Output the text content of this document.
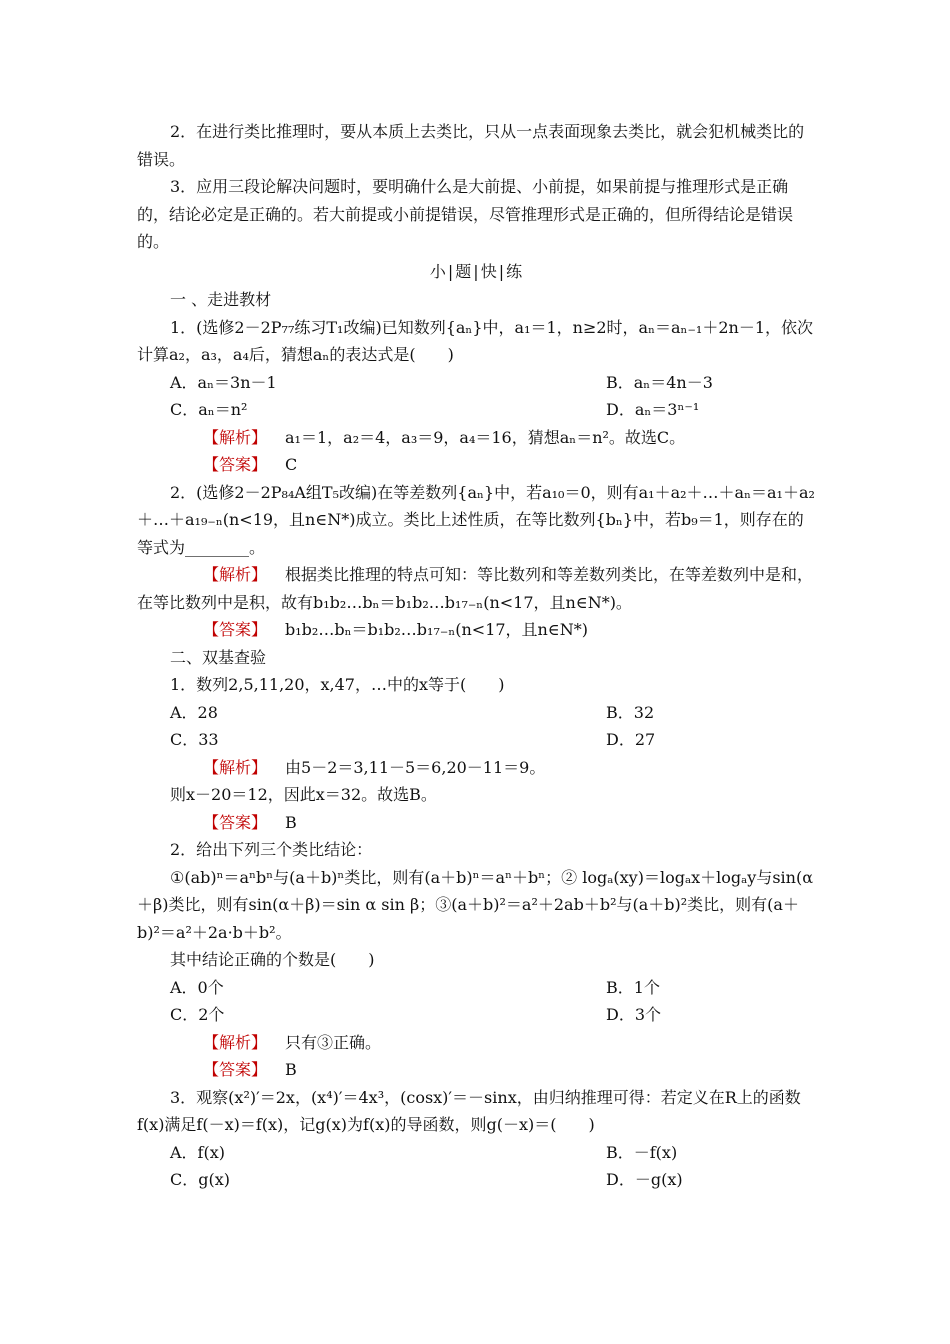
2．在进行类比推理时，要从本质上去类比，只从一点表面现象去类比，就会犯机械类比的错误。

3．应用三段论解决问题时，要明确什么是大前提、小前提，如果前提与推理形式是正确的，结论必定是正确的。若大前提或小前提错误，尽管推理形式是正确的，但所得结论是错误的。

小|题|快|练

一 、走进教材

1．(选修2－2P₇₇练习T₁改编)已知数列{aₙ}中，a₁＝1，n≥2时，aₙ＝aₙ₋₁＋2n－1，依次计算a₂，a₃，a₄后，猜想aₙ的表达式是(　　)

A．aₙ＝3n－1	B．aₙ＝4n－3
C．aₙ＝n²	D．aₙ＝3ⁿ⁻¹

【解析】 a₁＝1，a₂＝4，a₃＝9，a₄＝16，猜想aₙ＝n²。故选C。

【答案】 C

2．(选修2－2P₈₄A组T₅改编)在等差数列{aₙ}中，若a₁₀＝0，则有a₁＋a₂＋…＋aₙ＝a₁＋a₂＋…＋a₁₉₋ₙ(n<19，且n∈N*)成立。类比上述性质，在等比数列{bₙ}中，若b₉＝1，则存在的等式为________。

【解析】 根据类比推理的特点可知：等比数列和等差数列类比，在等差数列中是和，在等比数列中是积，故有b₁b₂…bₙ＝b₁b₂…b₁₇₋ₙ(n<17，且n∈N*)。

【答案】 b₁b₂…bₙ＝b₁b₂…b₁₇₋ₙ(n<17，且n∈N*)

二、双基查验

1．数列2,5,11,20，x,47，…中的x等于(　　)

A．28	B．32
C．33	D．27

【解析】 由5－2＝3,11－5＝6,20－11＝9。

则x－20＝12，因此x＝32。故选B。

【答案】 B

2．给出下列三个类比结论：

①(ab)ⁿ＝aⁿbⁿ与(a＋b)ⁿ类比，则有(a＋b)ⁿ＝aⁿ＋bⁿ；② logₐ(xy)＝logₐx＋logₐy与sin(α＋β)类比，则有sin(α＋β)＝sin α sin β；③(a＋b)²＝a²＋2ab＋b²与(a＋b)²类比，则有(a＋b)²＝a²＋2a·b＋b²。

其中结论正确的个数是(　　)

A．0个	B．1个
C．2个	D．3个

【解析】 只有③正确。

【答案】 B

3．观察(x²)′＝2x，(x⁴)′＝4x³，(cosx)′＝－sinx，由归纳推理可得：若定义在R上的函数f(x)满足f(－x)＝f(x)，记g(x)为f(x)的导函数，则g(－x)＝(　　)

A．f(x)	B．－f(x)
C．g(x)	D．－g(x)
